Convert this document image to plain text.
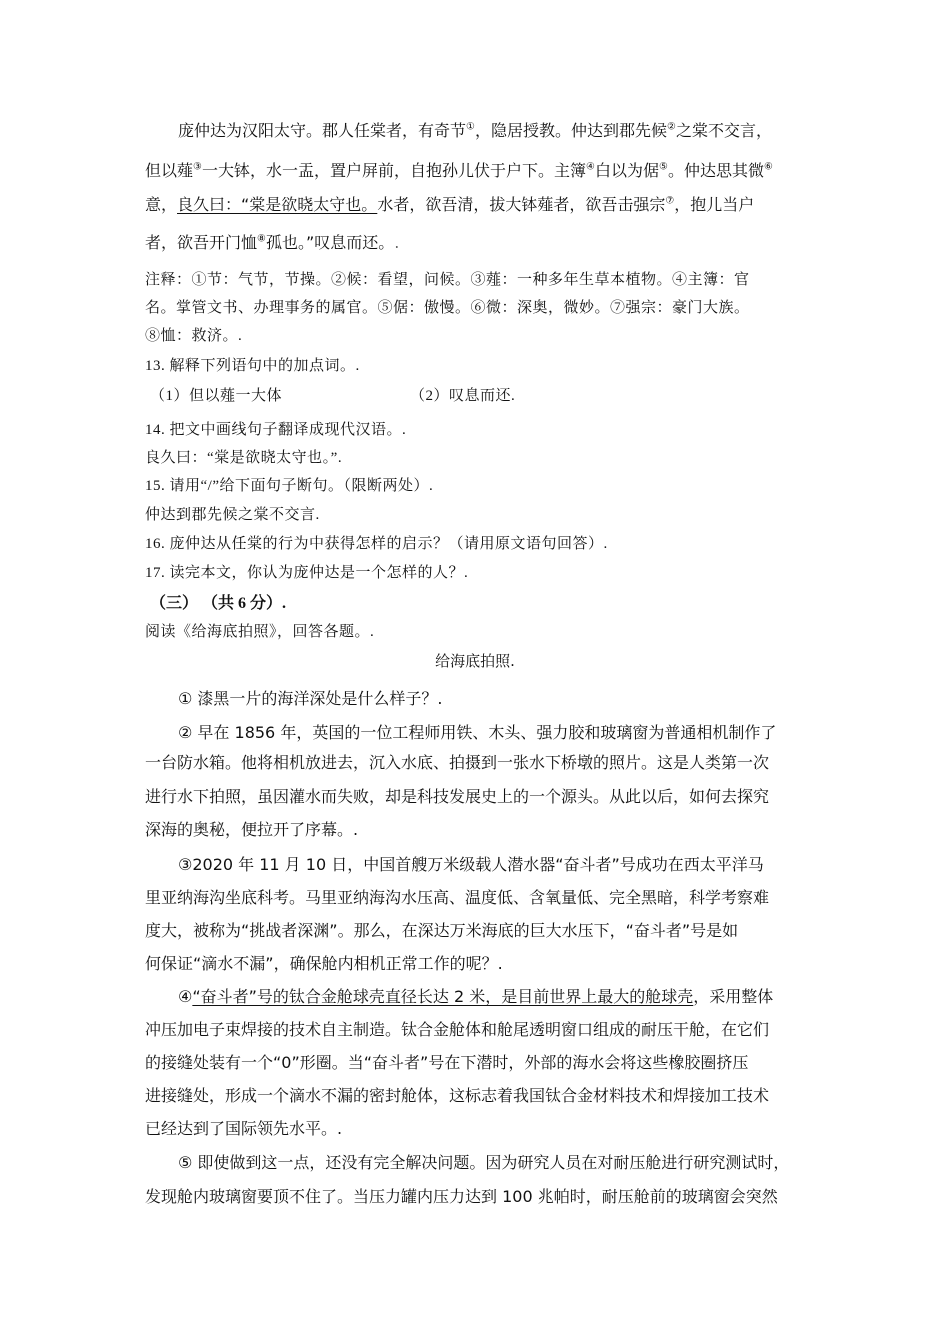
庞仲达为汉阳太守。郡人任棠者，有奇节①，隐居授教。仲达到郡先候②之棠不交言，
但以薤③一大钵，水一盂，置户屏前，自抱孙儿伏于户下。主簿④白以为倨⑤。仲达思其微⑥
意，良久曰：“棠是欲晓太守也。水者，欲吾清，拔大钵薤者，欲吾击强宗⑦，抱儿当户
者，欲吾开门恤⑧孤也。”叹息而还。.
注释：①节：气节，节操。②候：看望，问候。③薤：一种多年生草本植物。④主簿：官
名。掌管文书、办理事务的属官。⑤倨：傲慢。⑥微：深奥，微妙。⑦强宗：豪门大族。
⑧恤：救济。.
13. 解释下列语句中的加点词。.
（1）但以薤一大体	（2）叹息而还.
14. 把文中画线句子翻译成现代汉语。.
良久曰：“棠是欲晓太守也。”.
15. 请用“/”给下面句子断句。（限断两处）.
仲达到郡先候之棠不交言.
16. 庞仲达从任棠的行为中获得怎样的启示？（请用原文语句回答）.
17. 读完本文，你认为庞仲达是一个怎样的人？.
（三） （共 6 分）.
阅读《给海底拍照》，回答各题。.
给海底拍照.
① 漆黑一片的海洋深处是什么样子？.
② 早在 1856 年，英国的一位工程师用铁、木头、强力胶和玻璃窗为普通相机制作了
一台防水箱。他将相机放进去，沉入水底、拍摄到一张水下桥墩的照片。这是人类第一次
进行水下拍照，虽因灌水而失败，却是科技发展史上的一个源头。从此以后，如何去探究
深海的奥秘，便拉开了序幕。.
③2020 年 11 月 10 日，中国首艘万米级载人潜水器“奋斗者”号成功在西太平洋马
里亚纳海沟坐底科考。马里亚纳海沟水压高、温度低、含氧量低、完全黑暗，科学考察难
度大，被称为“挑战者深渊”。那么，在深达万米海底的巨大水压下，“奋斗者”号是如
何保证“滴水不漏”，确保舱内相机正常工作的呢？.
④“奋斗者”号的钛合金舱球壳直径长达 2 米，是目前世界上最大的舱球壳，采用整体
冲压加电子束焊接的技术自主制造。钛合金舱体和舱尾透明窗口组成的耐压干舱，在它们
的接缝处装有一个“0”形圈。当“奋斗者”号在下潜时，外部的海水会将这些橡胶圈挤压
进接缝处，形成一个滴水不漏的密封舱体，这标志着我国钛合金材料技术和焊接加工技术
已经达到了国际领先水平。.
⑤ 即使做到这一点，还没有完全解决问题。因为研究人员在对耐压舱进行研究测试时，
发现舱内玻璃窗要顶不住了。当压力罐内压力达到 100 兆帕时，耐压舱前的玻璃窗会突然
